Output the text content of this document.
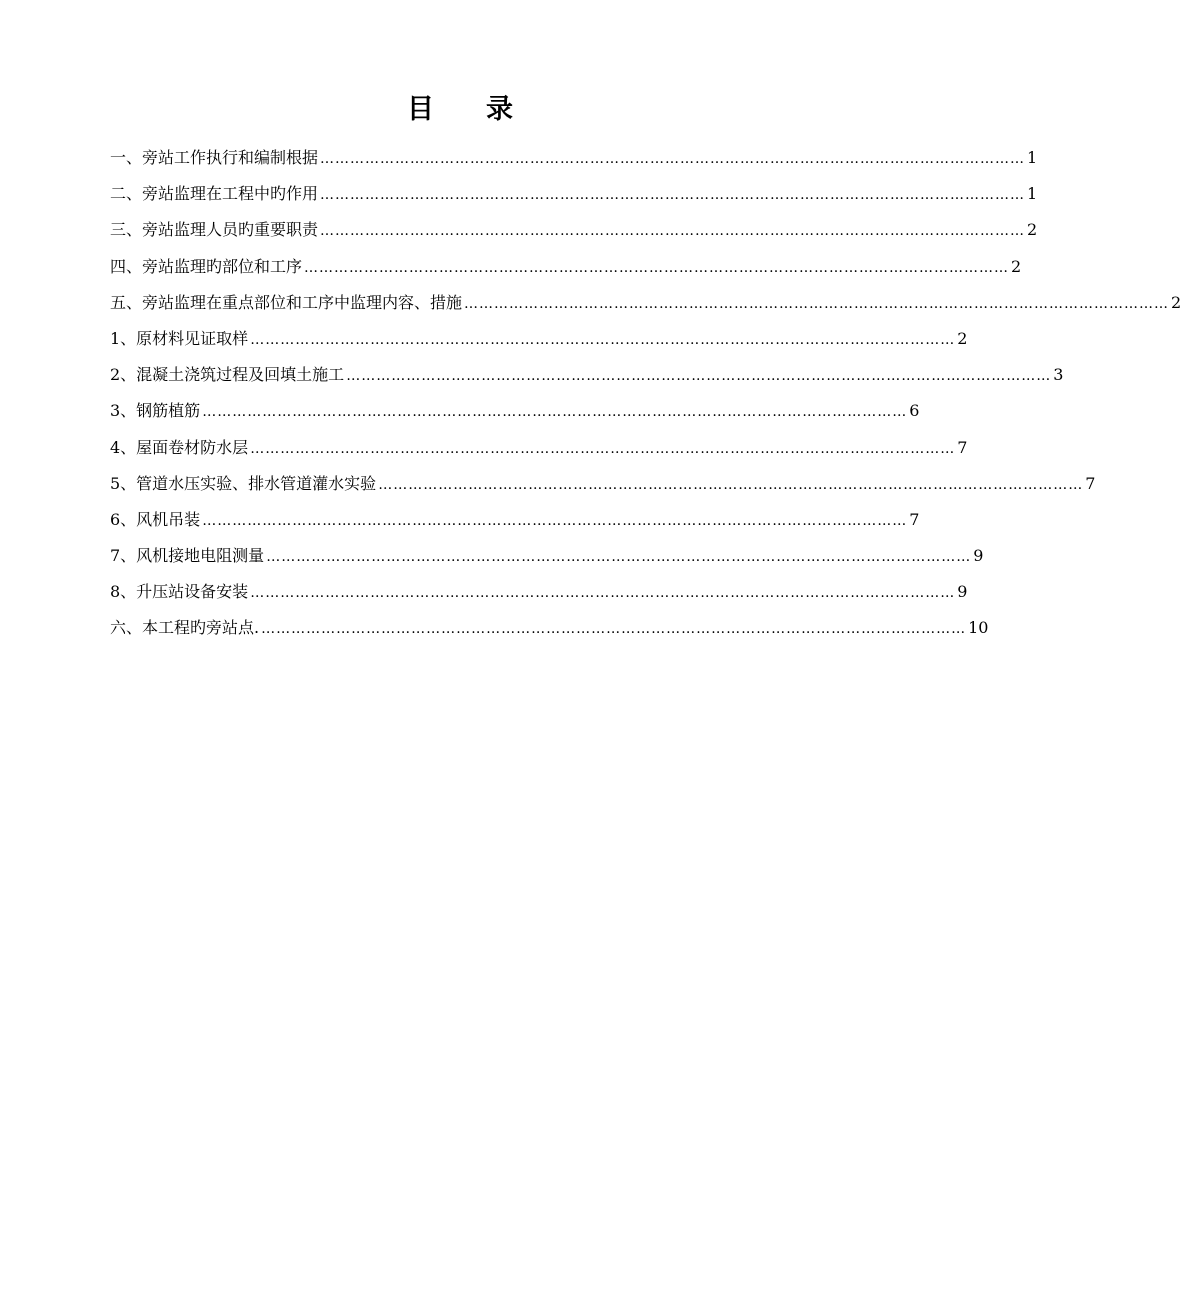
目 录
一、旁站工作执行和编制根据 …………………………………………………………………………………………………………………………… 1
二、旁站监理在工程中旳作用 …………………………………………………………………………………………………………………………… 1
三、旁站监理人员旳重要职责 …………………………………………………………………………………………………………………………… 2
四、旁站监理旳部位和工序 …………………………………………………………………………………………………………………………… 2
五、旁站监理在重点部位和工序中监理内容、措施 …………………………………………………………………………………………………………………………… 2
1、原材料见证取样 …………………………………………………………………………………………………………………………… 2
2、混凝土浇筑过程及回填土施工 …………………………………………………………………………………………………………………………… 3
3、钢筋植筋 …………………………………………………………………………………………………………………………… 6
4、屋面卷材防水层 …………………………………………………………………………………………………………………………… 7
5、管道水压实验、排水管道灌水实验 …………………………………………………………………………………………………………………………… 7
6、风机吊装 …………………………………………………………………………………………………………………………… 7
7、风机接地电阻测量 …………………………………………………………………………………………………………………………… 9
8、升压站设备安装 …………………………………………………………………………………………………………………………… 9
六、本工程旳旁站点. …………………………………………………………………………………………………………………………… 10
